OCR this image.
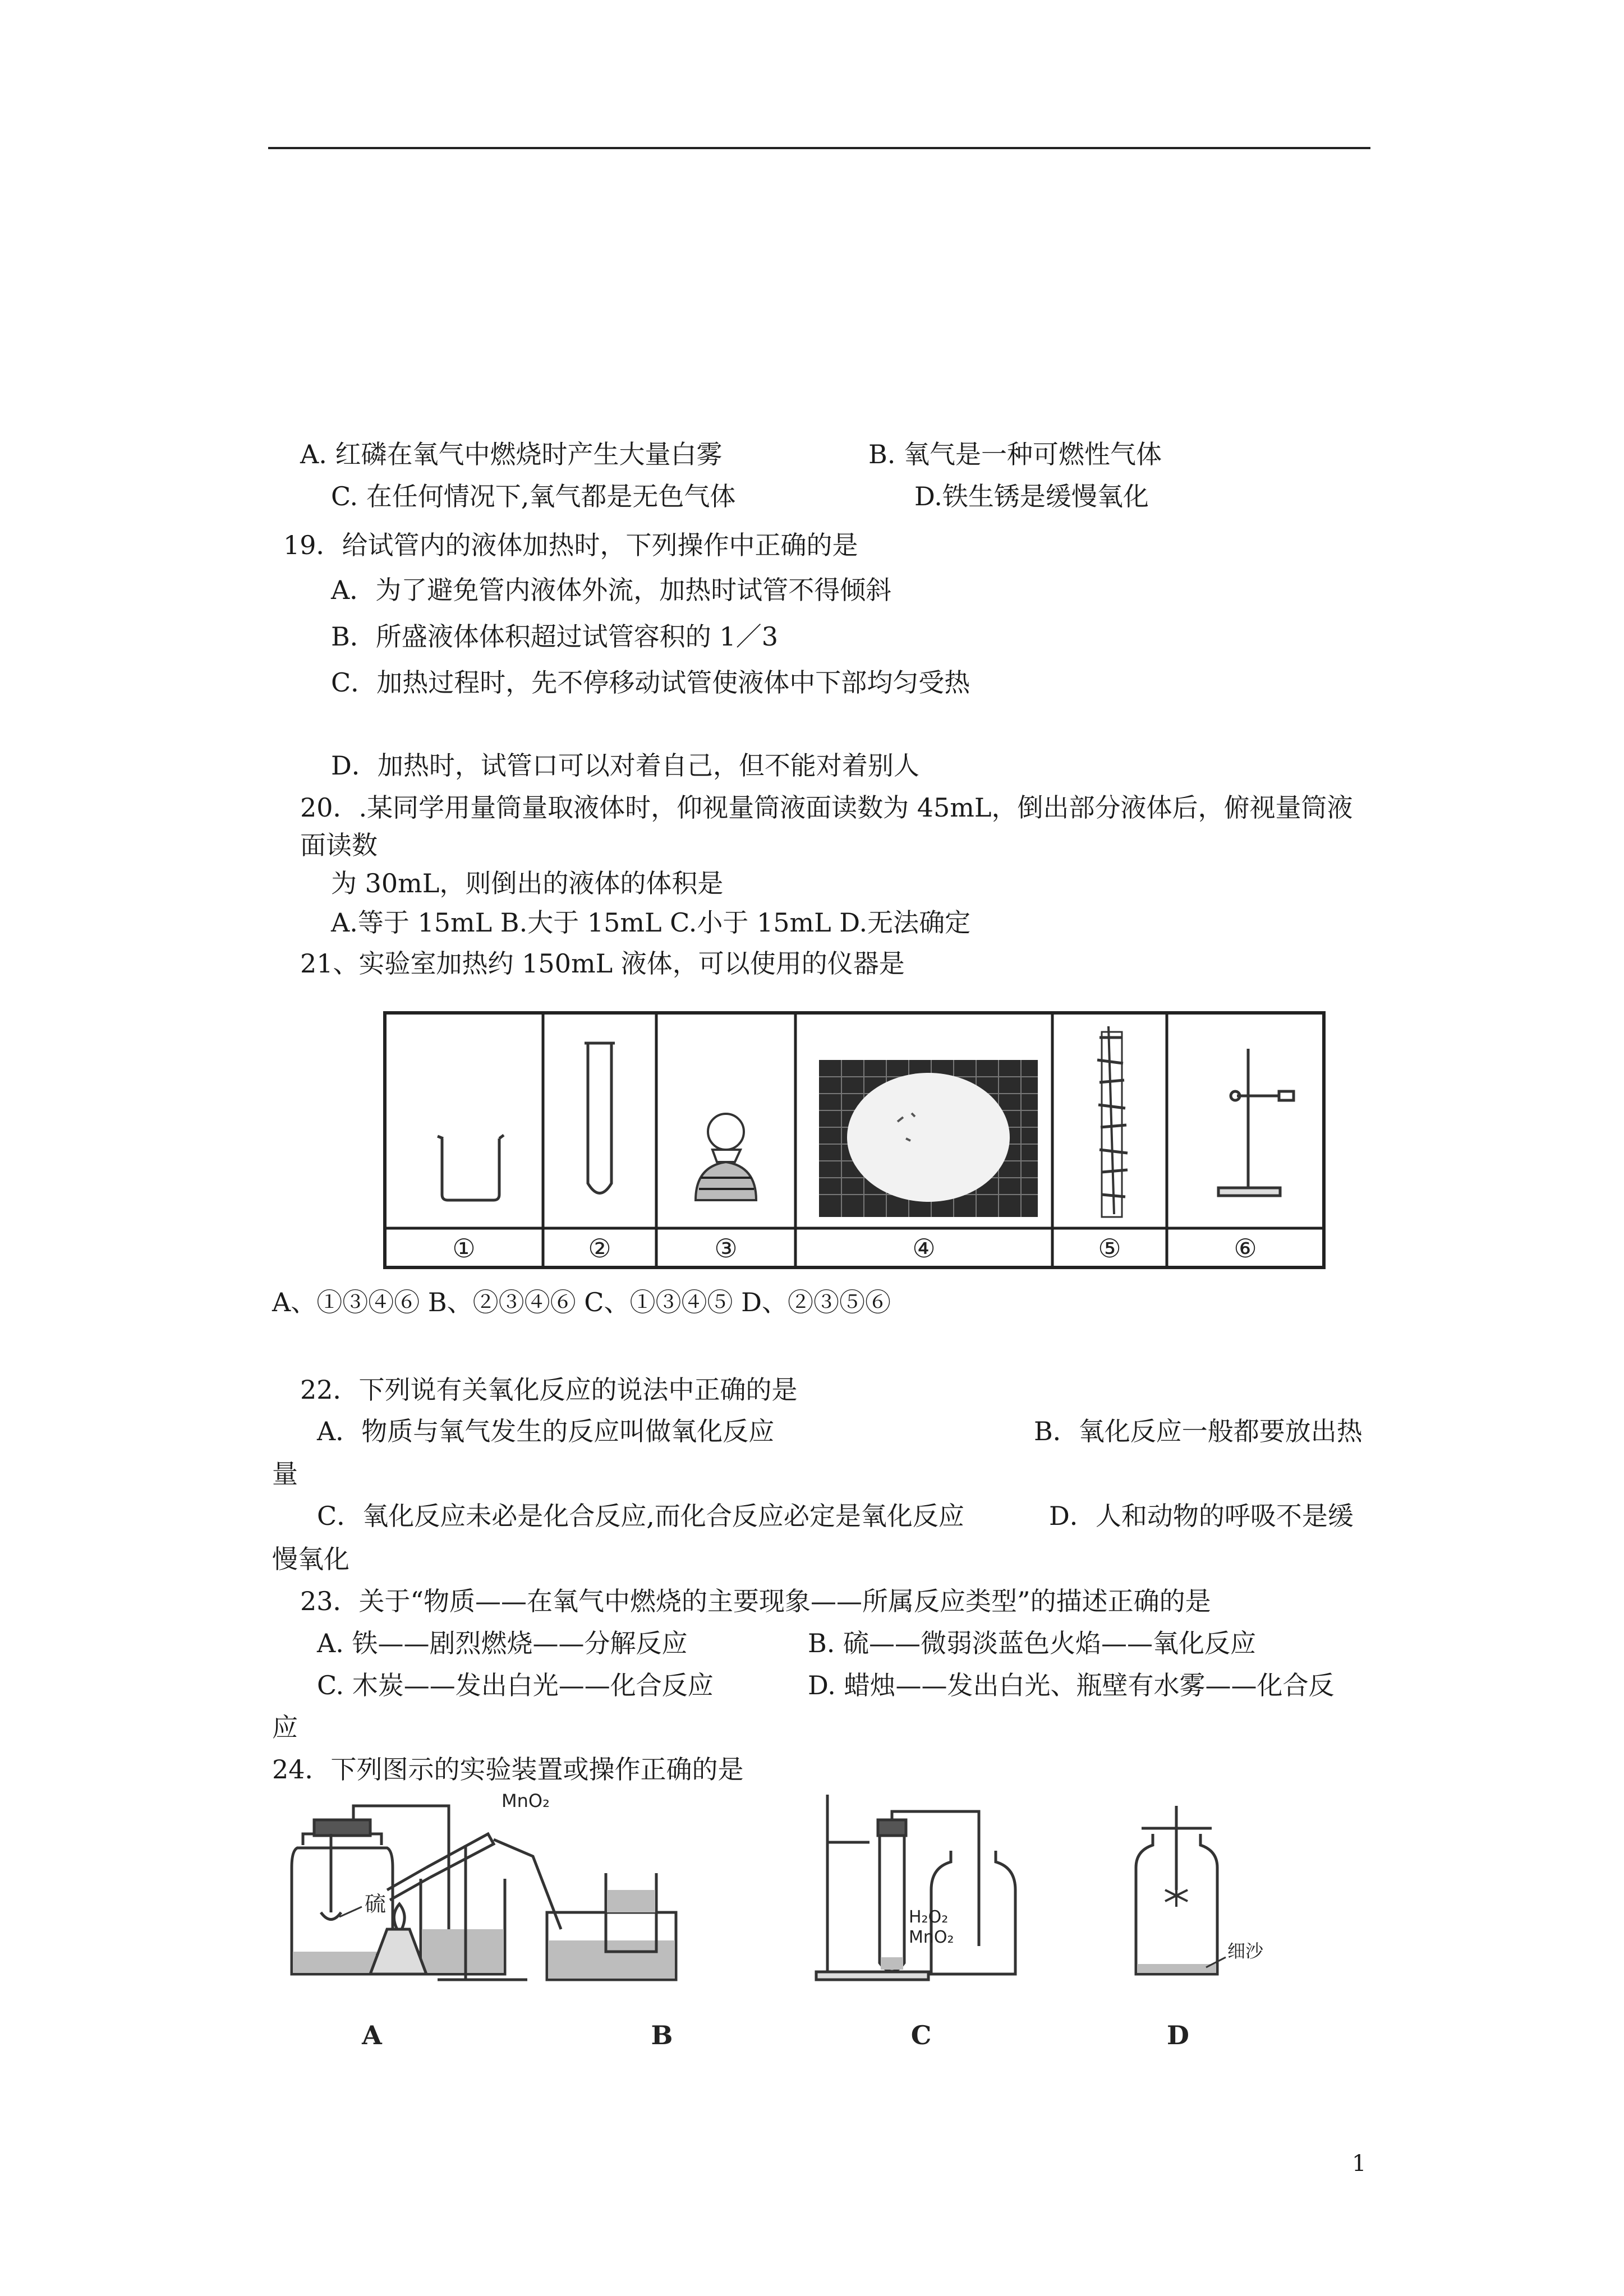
A. 红磷在氧气中燃烧时产生大量白雾	B. 氧气是一种可燃性气体
C. 在任何情况下,氧气都是无色气体	D.铁生锈是缓慢氧化
19．给试管内的液体加热时，下列操作中正确的是
A．为了避免管内液体外流，加热时试管不得倾斜
B．所盛液体体积超过试管容积的 1／3
C．加热过程时，先不停移动试管使液体中下部均匀受热
D．加热时，试管口可以对着自己，但不能对着别人
20．.某同学用量筒量取液体时，仰视量筒液面读数为 45mL，倒出部分液体后，俯视量筒液
面读数
为 30mL，则倒出的液体的体积是
A.等于 15mL B.大于 15mL C.小于 15mL D.无法确定
21、实验室加热约 150mL 液体，可以使用的仪器是
①	②	③	④	⑤	⑥
A、①③④⑥ B、②③④⑥ C、①③④⑤ D、②③⑤⑥
22．下列说有关氧化反应的说法中正确的是
A．物质与氧气发生的反应叫做氧化反应	B．氧化反应一般都要放出热
量
C．氧化反应未必是化合反应,而化合反应必定是氧化反应	D．人和动物的呼吸不是缓
慢氧化
23．关于“物质——在氧气中燃烧的主要现象——所属反应类型”的描述正确的是
A. 铁——剧烈燃烧——分解反应	B. 硫——微弱淡蓝色火焰——氧化反应
C. 木炭——发出白光——化合反应	D. 蜡烛——发出白光、瓶壁有水雾——化合反
应
24．下列图示的实验装置或操作正确的是
硫
MnO₂
H₂O₂
MnO₂
细沙
A	B	C	D
1
